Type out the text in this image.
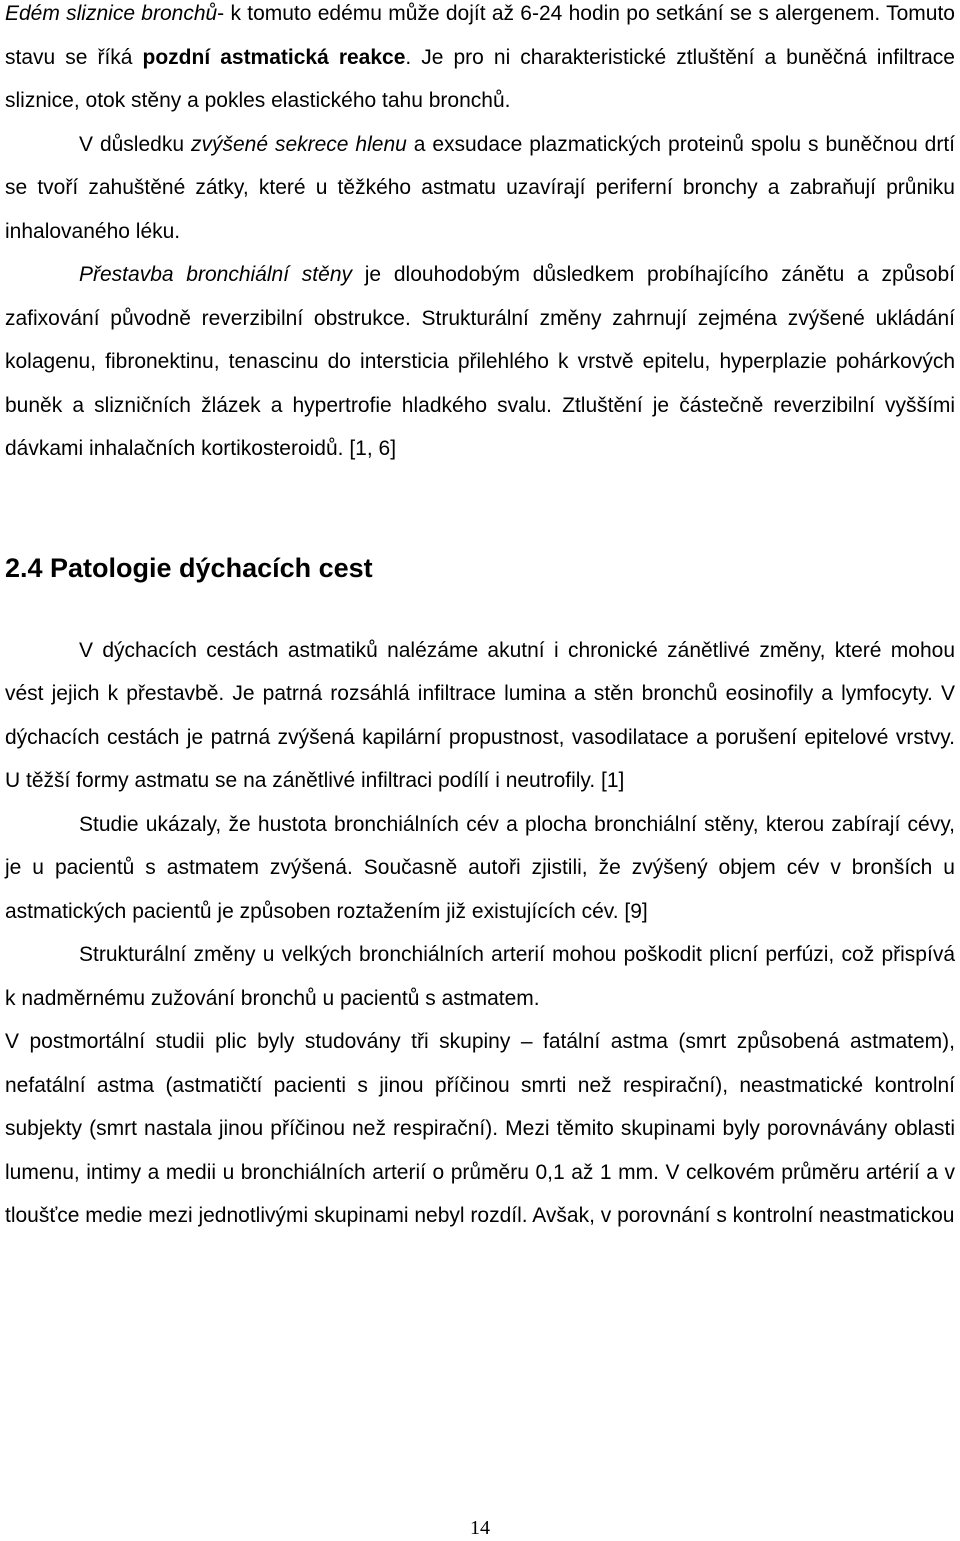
Edém sliznice bronchů- k tomuto edému může dojít až 6-24 hodin po setkání se s alergenem. Tomuto stavu se říká pozdní astmatická reakce. Je pro ni charakteristické ztluštění a buněčná infiltrace sliznice, otok stěny a pokles elastického tahu bronchů.

V důsledku zvýšené sekrece hlenu a exsudace plazmatických proteinů spolu s buněčnou drtí se tvoří zahuštěné zátky, které u těžkého astmatu uzavírají periferní bronchy a zabraňují průniku inhalovaného léku.

Přestavba bronchiální stěny je dlouhodobým důsledkem probíhajícího zánětu a způsobí zafixování původně reverzibilní obstrukce. Strukturální změny zahrnují zejména zvýšené ukládání kolagenu, fibronektinu, tenascinu do intersticia přilehlého k vrstvě epitelu, hyperplazie pohárkových buněk a slizničních žlázek a hypertrofie hladkého svalu. Ztluštění je částečně reverzibilní vyššími dávkami inhalačních kortikosteroidů. [1, 6]

2.4 Patologie dýchacích cest

V dýchacích cestách astmatiků nalézáme akutní i chronické zánětlivé změny, které mohou vést jejich k přestavbě. Je patrná rozsáhlá infiltrace lumina a stěn bronchů eosinofily a lymfocyty. V dýchacích cestách je patrná zvýšená kapilární propustnost, vasodilatace a porušení epitelové vrstvy. U těžší formy astmatu se na zánětlivé infiltraci podílí i neutrofily. [1]

Studie ukázaly, že hustota bronchiálních cév a plocha bronchiální stěny, kterou zabírají cévy, je u pacientů s astmatem zvýšená. Současně autoři zjistili, že zvýšený objem cév v bronších u astmatických pacientů je způsoben roztažením již existujících cév. [9]

Strukturální změny u velkých bronchiálních arterií mohou poškodit plicní perfúzi, což přispívá k nadměrnému zužování bronchů u pacientů s astmatem.

V postmortální studii plic byly studovány tři skupiny – fatální astma (smrt způsobená astmatem), nefatální astma (astmatičtí pacienti s jinou příčinou smrti než respirační), neastmatické kontrolní subjekty (smrt nastala jinou příčinou než respirační). Mezi těmito skupinami byly porovnávány oblasti lumenu, intimy a medii u bronchiálních arterií o průměru 0,1 až 1 mm. V celkovém průměru artérií a v tloušťce medie mezi jednotlivými skupinami nebyl rozdíl. Avšak, v porovnání s kontrolní neastmatickou

14
